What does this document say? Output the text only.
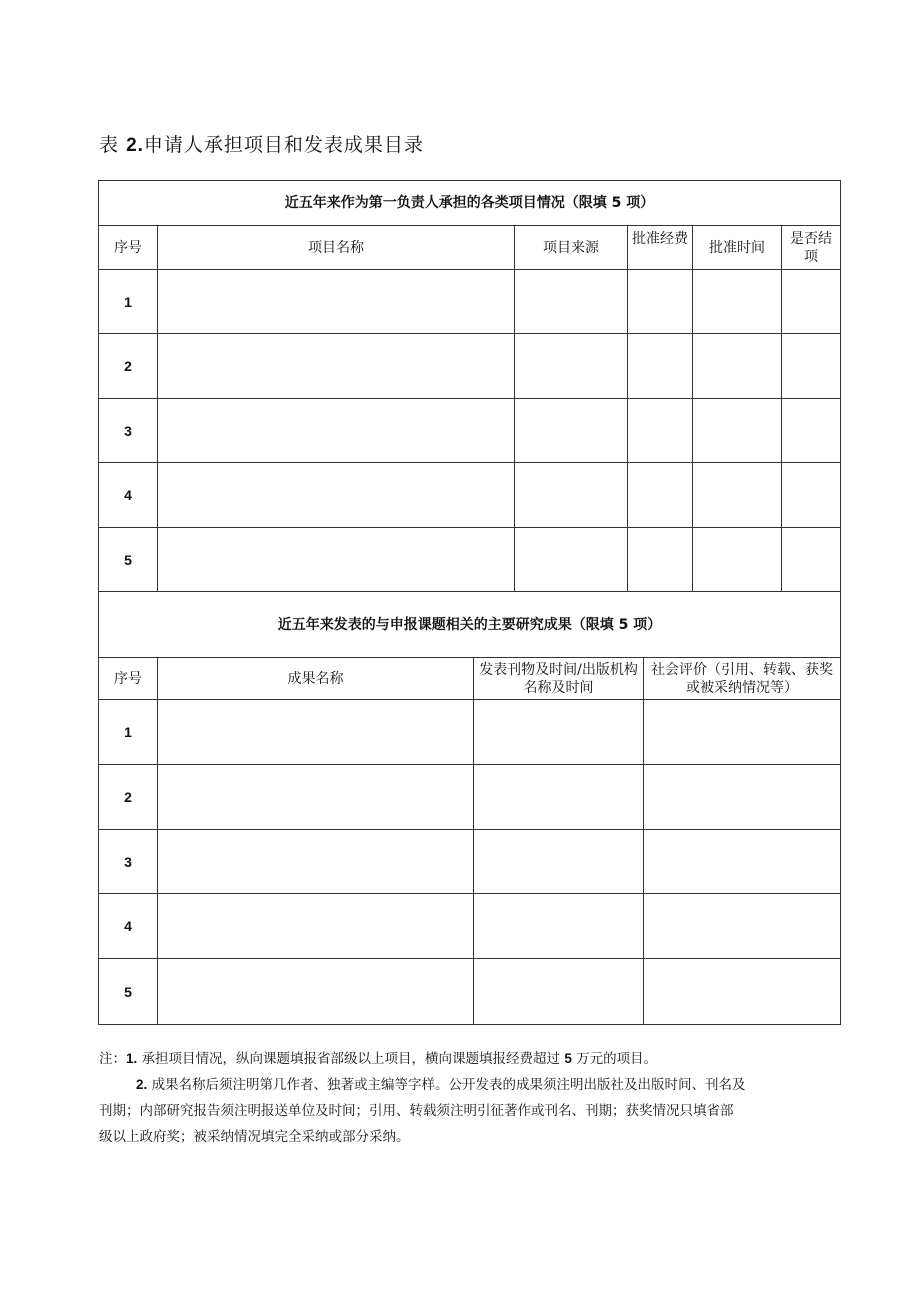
表 2.申请人承担项目和发表成果目录
近五年来作为第一负责人承担的各类项目情况（限填 5 项）					
序号	项目名称	项目来源	批准经费	批准时间	是否结项
1					
2					
3					
4					
5					
近五年来发表的与申报课题相关的主要研究成果（限填 5 项）			
序号	成果名称	发表刊物及时间/出版机构名称及时间	社会评价（引用、转载、获奖或被采纳情况等）
1			
2			
3			
4			
5			
注：1. 承担项目情况，纵向课题填报省部级以上项目，横向课题填报经费超过 5 万元的项目。
2. 成果名称后须注明第几作者、独著或主编等字样。公开发表的成果须注明出版社及出版时间、刊名及
刊期；内部研究报告须注明报送单位及时间；引用、转载须注明引征著作或刊名、刊期；获奖情况只填省部
级以上政府奖；被采纳情况填完全采纳或部分采纳。
